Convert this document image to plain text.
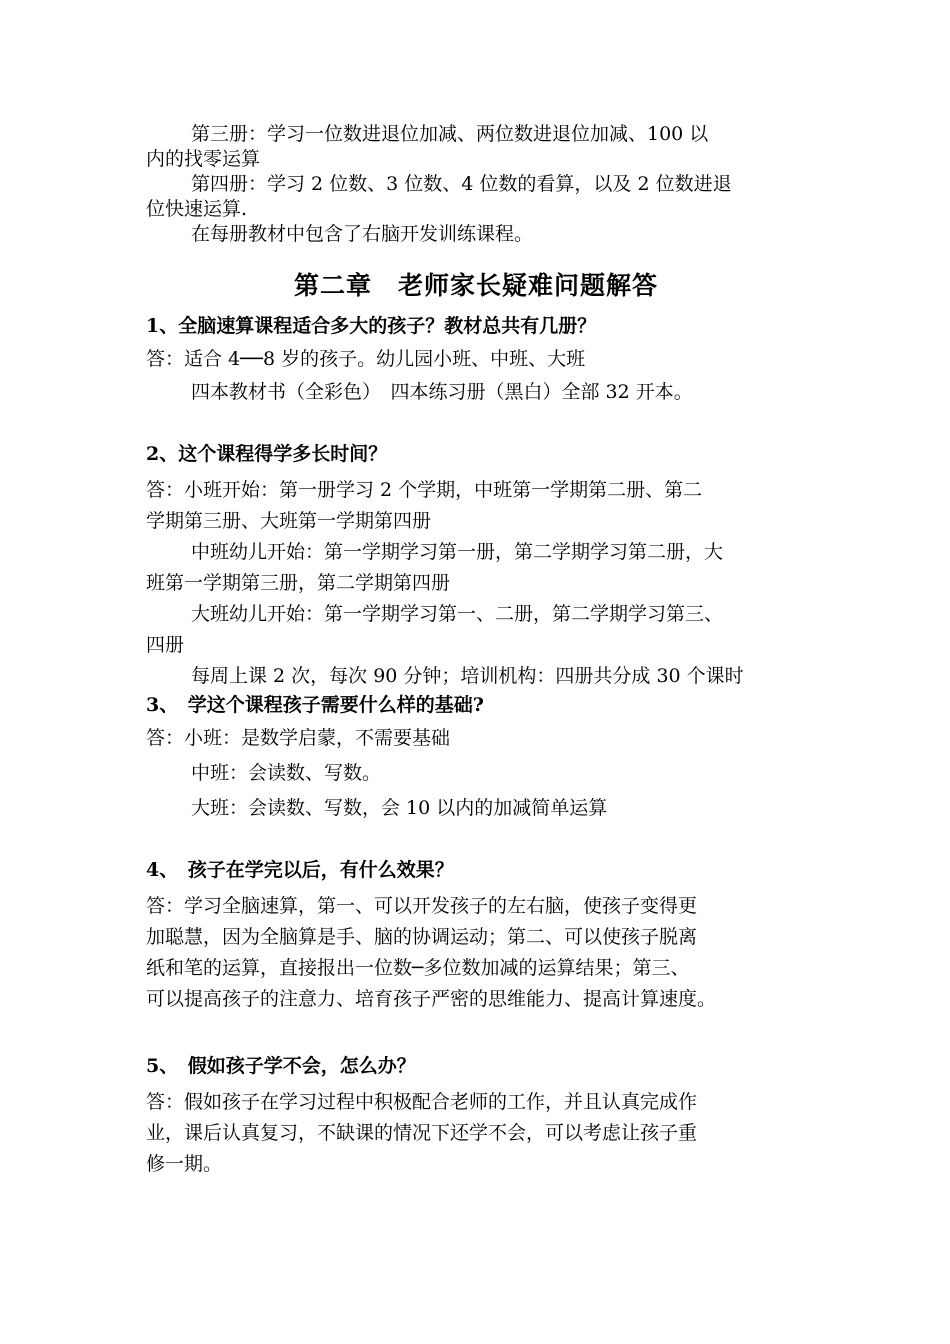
第三册：学习一位数进退位加减、两位数进退位加减、100 以

内的找零运算

第四册：学习 2 位数、3 位数、4 位数的看算，以及 2 位数进退

位快速运算.

在每册教材中包含了右脑开发训练课程。

第二章　老师家长疑难问题解答

1、全脑速算课程适合多大的孩子？教材总共有几册？

答：适合 4──8 岁的孩子。幼儿园小班、中班、大班

四本教材书（全彩色）　四本练习册（黑白）全部 32 开本。

2、这个课程得学多长时间？

答：小班开始：第一册学习 2 个学期，中班第一学期第二册、第二

学期第三册、大班第一学期第四册

中班幼儿开始：第一学期学习第一册，第二学期学习第二册，大

班第一学期第三册，第二学期第四册

大班幼儿开始：第一学期学习第一、二册，第二学期学习第三、

四册

每周上课 2 次，每次 90 分钟；培训机构：四册共分成 30 个课时

3、　学这个课程孩子需要什么样的基础?

答：小班：是数学启蒙，不需要基础

中班：会读数、写数。

大班：会读数、写数，会 10 以内的加减简单运算

4、　孩子在学完以后，有什么效果？

答：学习全脑速算，第一、可以开发孩子的左右脑，使孩子变得更

加聪慧，因为全脑算是手、脑的协调运动；第二、可以使孩子脱离

纸和笔的运算，直接报出一位数─多位数加减的运算结果；第三、

可以提高孩子的注意力、培育孩子严密的思维能力、提高计算速度。

5、　假如孩子学不会，怎么办？

答：假如孩子在学习过程中积极配合老师的工作，并且认真完成作

业，课后认真复习，不缺课的情况下还学不会，可以考虑让孩子重

修一期。
